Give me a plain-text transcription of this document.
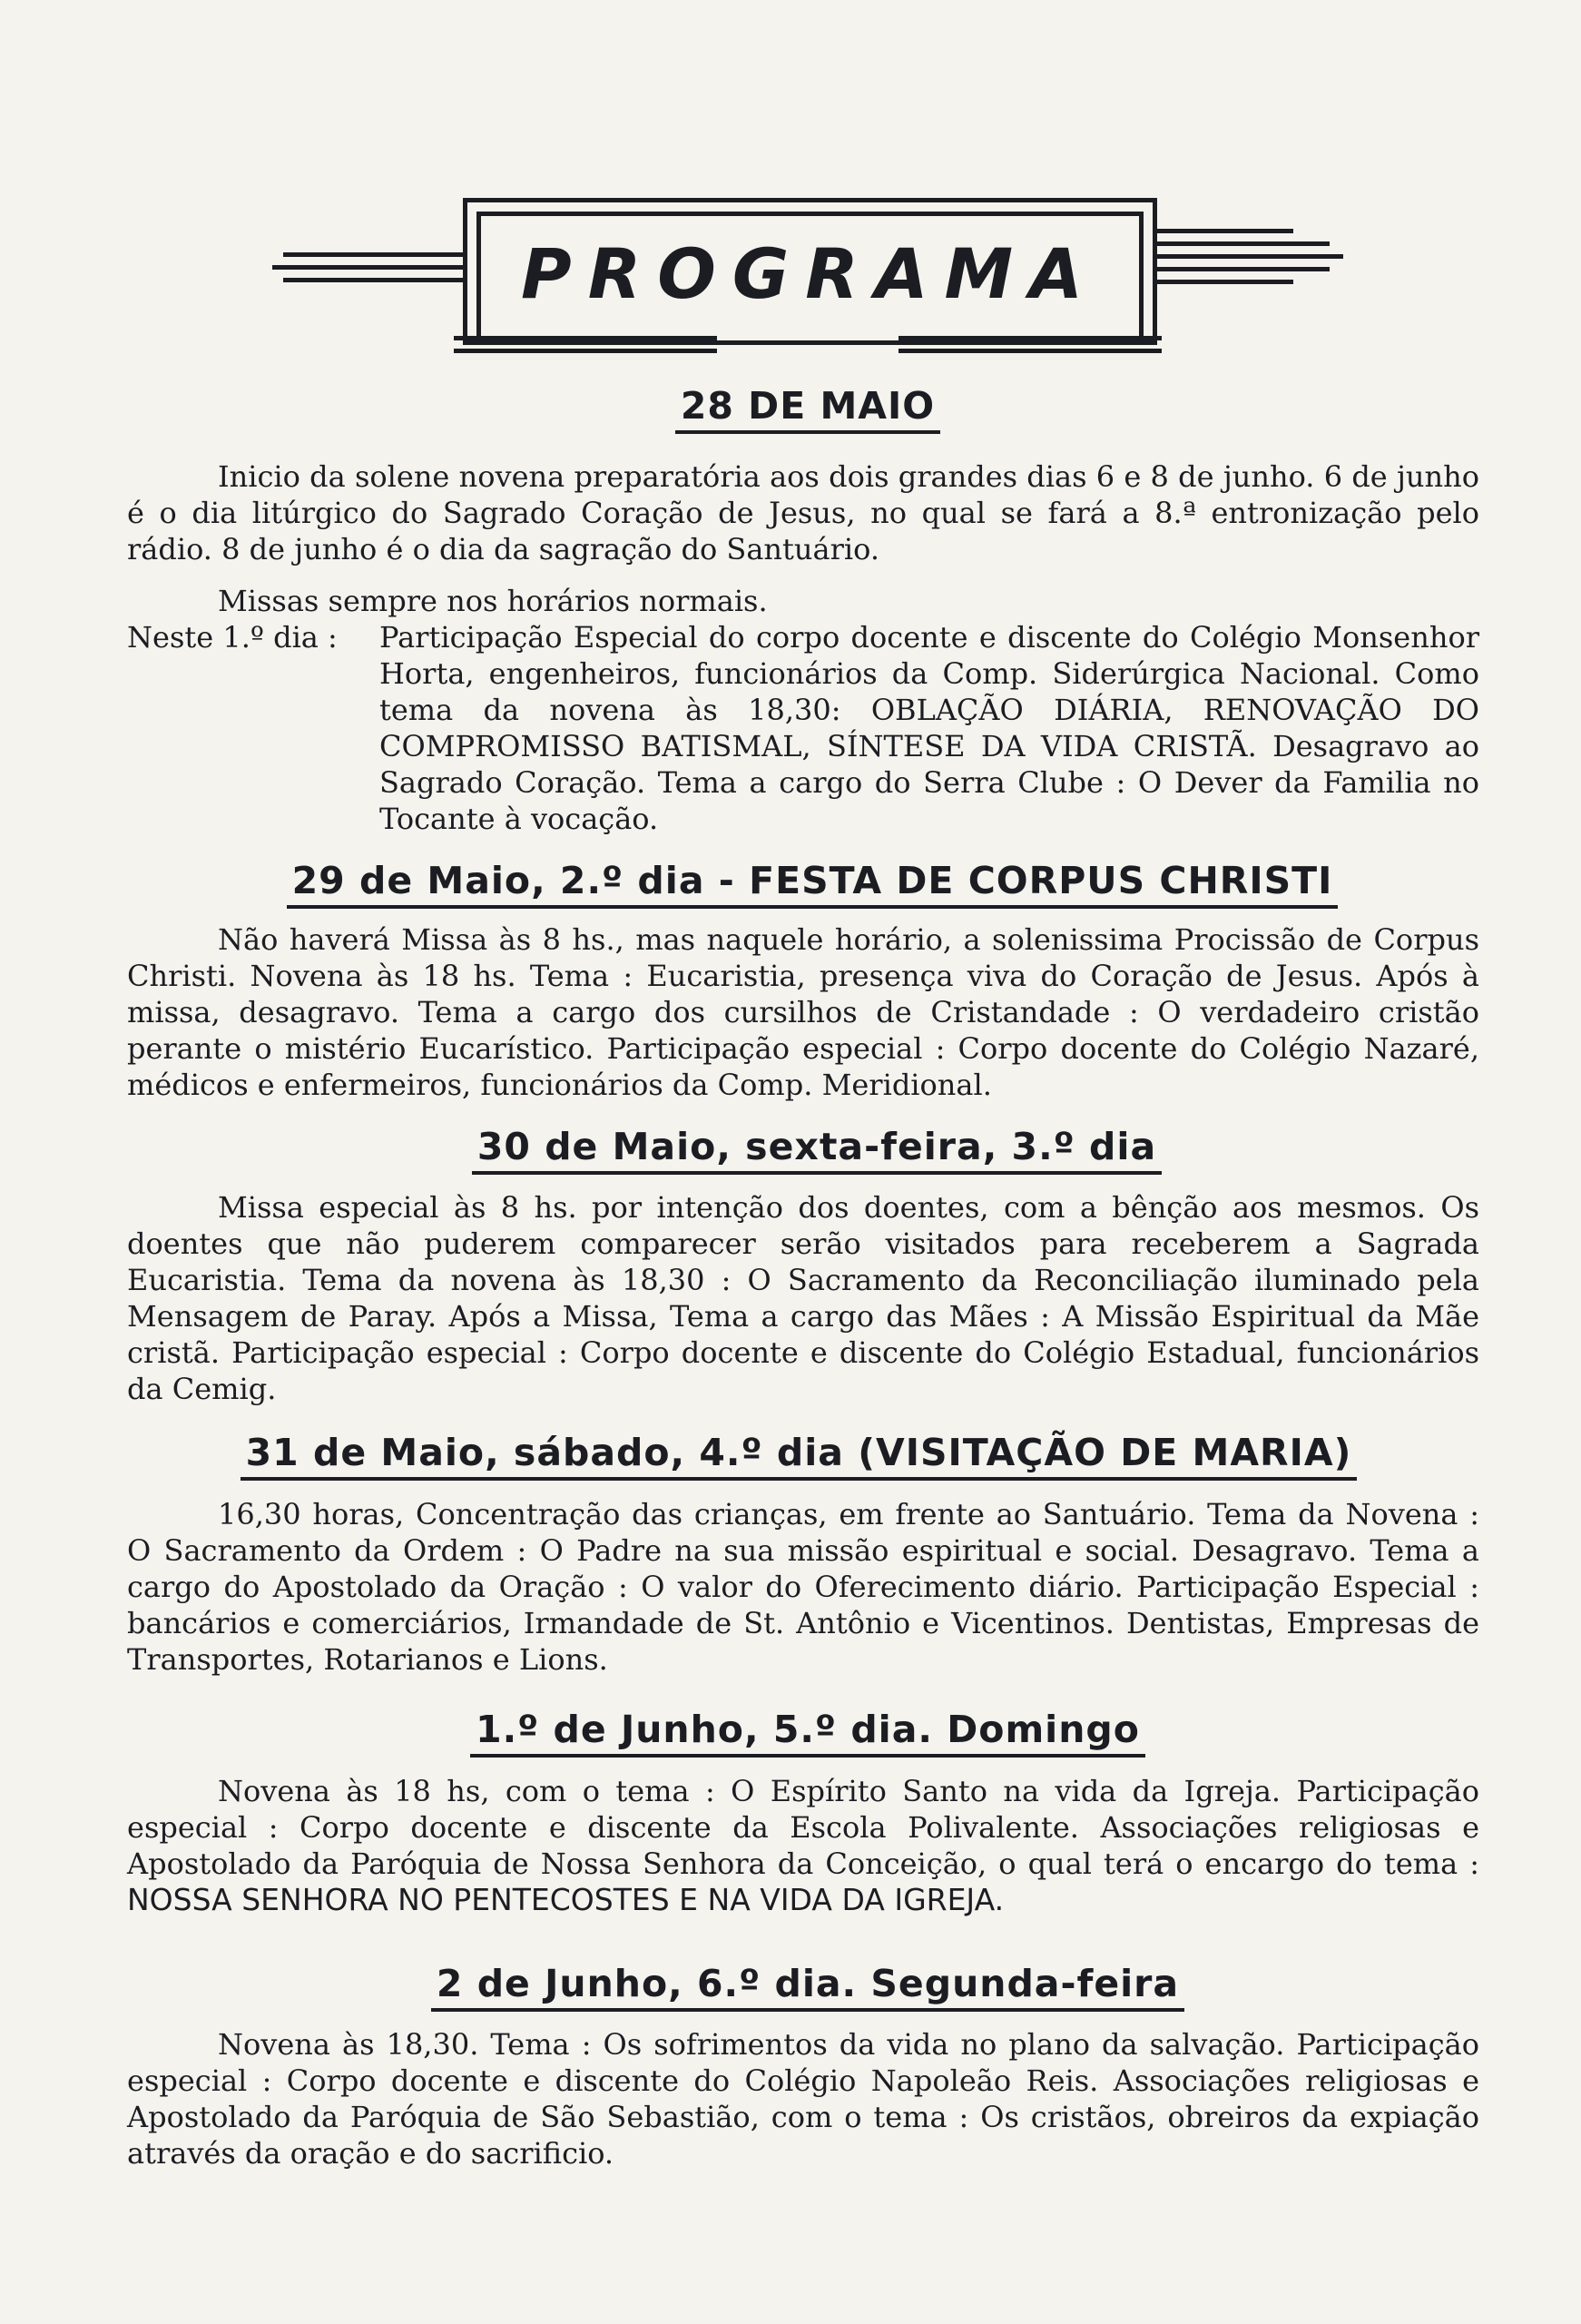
PROGRAMA
28 DE MAIO
Inicio da solene novena preparatória aos dois grandes dias 6 e 8 de junho. 6 de junho é o dia litúrgico do Sagrado Coração de Jesus, no qual se fará a 8.ª entronização pelo rádio. 8 de junho é o dia da sagração do Santuário.
Missas sempre nos horários normais.
Neste 1.º dia : Participação Especial do corpo docente e discente do Colégio Monsenhor Horta, engenheiros, funcionários da Comp. Siderúrgica Nacional. Como tema da novena às 18,30: OBLAÇÃO DIÁRIA, RENOVAÇÃO DO COMPROMISSO BATISMAL, SÍNTESE DA VIDA CRISTÃ. Desagravo ao Sagrado Coração. Tema a cargo do Serra Clube : O Dever da Familia no Tocante à vocação.
29 de Maio, 2.º dia - FESTA DE CORPUS CHRISTI
Não haverá Missa às 8 hs., mas naquele horário, a solenissima Procissão de Corpus Christi. Novena às 18 hs. Tema : Eucaristia, presença viva do Coração de Jesus. Após à missa, desagravo. Tema a cargo dos cursilhos de Cristandade : O verdadeiro cristão perante o mistério Eucarístico. Participação especial : Corpo docente do Colégio Nazaré, médicos e enfermeiros, funcionários da Comp. Meridional.
30 de Maio, sexta-feira, 3.º dia
Missa especial às 8 hs. por intenção dos doentes, com a bênção aos mesmos. Os doentes que não puderem comparecer serão visitados para receberem a Sagrada Eucaristia. Tema da novena às 18,30 : O Sacramento da Reconciliação iluminado pela Mensagem de Paray. Após a Missa, Tema a cargo das Mães : A Missão Espiritual da Mãe cristã. Participação especial : Corpo docente e discente do Colégio Estadual, funcionários da Cemig.
31 de Maio, sábado, 4.º dia (VISITAÇÃO DE MARIA)
16,30 horas, Concentração das crianças, em frente ao Santuário. Tema da Novena : O Sacramento da Ordem : O Padre na sua missão espiritual e social. Desagravo. Tema a cargo do Apostolado da Oração : O valor do Oferecimento diário. Participação Especial : bancários e comerciários, Irmandade de St. Antônio e Vicentinos. Dentistas, Empresas de Transportes, Rotarianos e Lions.
1.º de Junho, 5.º dia. Domingo
Novena às 18 hs, com o tema : O Espírito Santo na vida da Igreja. Participação especial : Corpo docente e discente da Escola Polivalente. Associações religiosas e Apostolado da Paróquia de Nossa Senhora da Conceição, o qual terá o encargo do tema : NOSSA SENHORA NO PENTECOSTES E NA VIDA DA IGREJA.
2 de Junho, 6.º dia. Segunda-feira
Novena às 18,30. Tema : Os sofrimentos da vida no plano da salvação. Participação especial : Corpo docente e discente do Colégio Napoleão Reis. Associações religiosas e Apostolado da Paróquia de São Sebastião, com o tema : Os cristãos, obreiros da expiação através da oração e do sacrificio.
